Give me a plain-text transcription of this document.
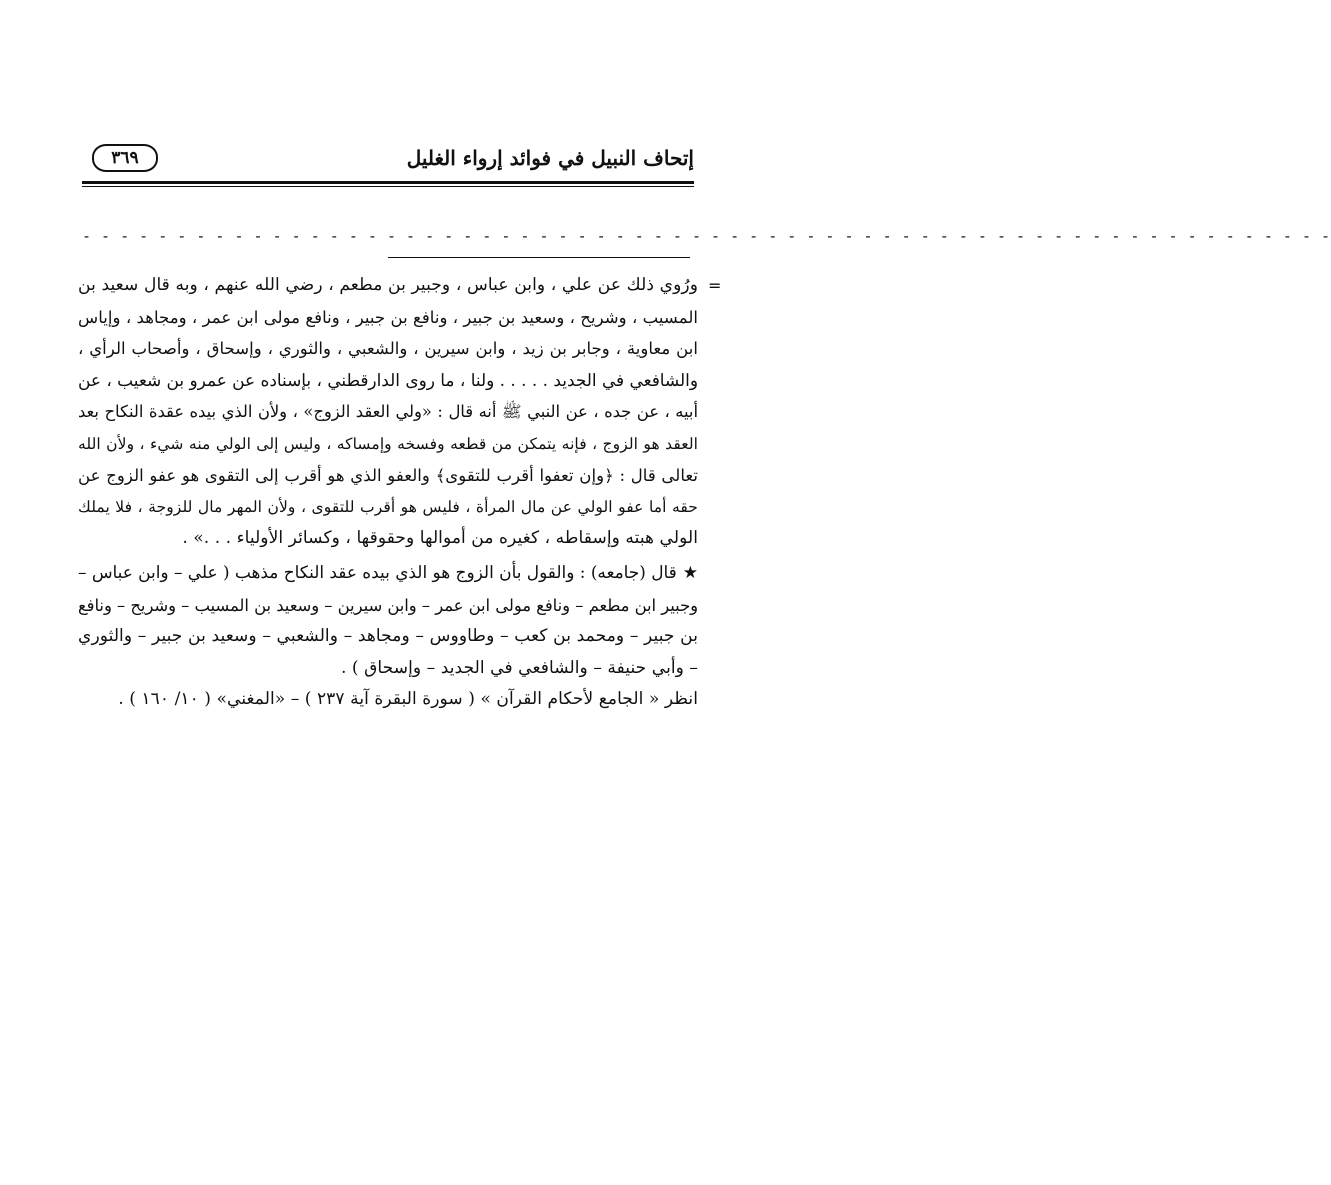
إتحاف النبيل في فوائد إرواء الغليل
٣٦٩
- - - - - - - - - - - - - - - - - - - - - - - - - - - - - - - - - - - - - - - - - - - - - - - - - - - - - - - - - - - - - - - - - -
=
ورُوي ذلك عن علي ، وابن عباس ، وجبير بن مطعم ، رضي الله عنهم ، وبه قال سعيد بن
المسيب ، وشريح ، وسعيد بن جبير ، ونافع بن جبير ، ونافع مولى ابن عمر ، ومجاهد ، وإياس
ابن معاوية ، وجابر بن زيد ، وابن سيرين ، والشعبي ، والثوري ، وإسحاق ، وأصحاب الرأي ،
والشافعي في الجديد . . . . . ولنا ، ما روى الدارقطني ، بإسناده عن عمرو بن شعيب ، عن
أبيه ، عن جده ، عن النبي ﷺ أنه قال : «ولي العقد الزوج» ، ولأن الذي بيده عقدة النكاح بعد
العقد هو الزوج ، فإنه يتمكن من قطعه وفسخه وإمساكه ، وليس إلى الولي منه شيء ، ولأن الله
تعالى قال : ﴿وإن تعفوا أقرب للتقوى﴾ والعفو الذي هو أقرب إلى التقوى هو عفو الزوج عن
حقه أما عفو الولي عن مال المرأة ، فليس هو أقرب للتقوى ، ولأن المهر مال للزوجة ، فلا يملك
الولي هبته وإسقاطه ، كغيره من أموالها وحقوقها ، وكسائر الأولياء . . .» .
★قال (جامعه) : والقول بأن الزوج هو الذي بيده عقد النكاح مذهب ( علي – وابن عباس –
وجبير ابن مطعم – ونافع مولى ابن عمر – وابن سيرين – وسعيد بن المسيب – وشريح – ونافع
بن جبير – ومحمد بن كعب – وطاووس – ومجاهد – والشعبي – وسعيد بن جبير – والثوري
– وأبي حنيفة – والشافعي في الجديد – وإسحاق ) .
انظر « الجامع لأحكام القرآن » ( سورة البقرة آية ٢٣٧ ) – «المغني» ( ١٠/ ١٦٠ ) .
